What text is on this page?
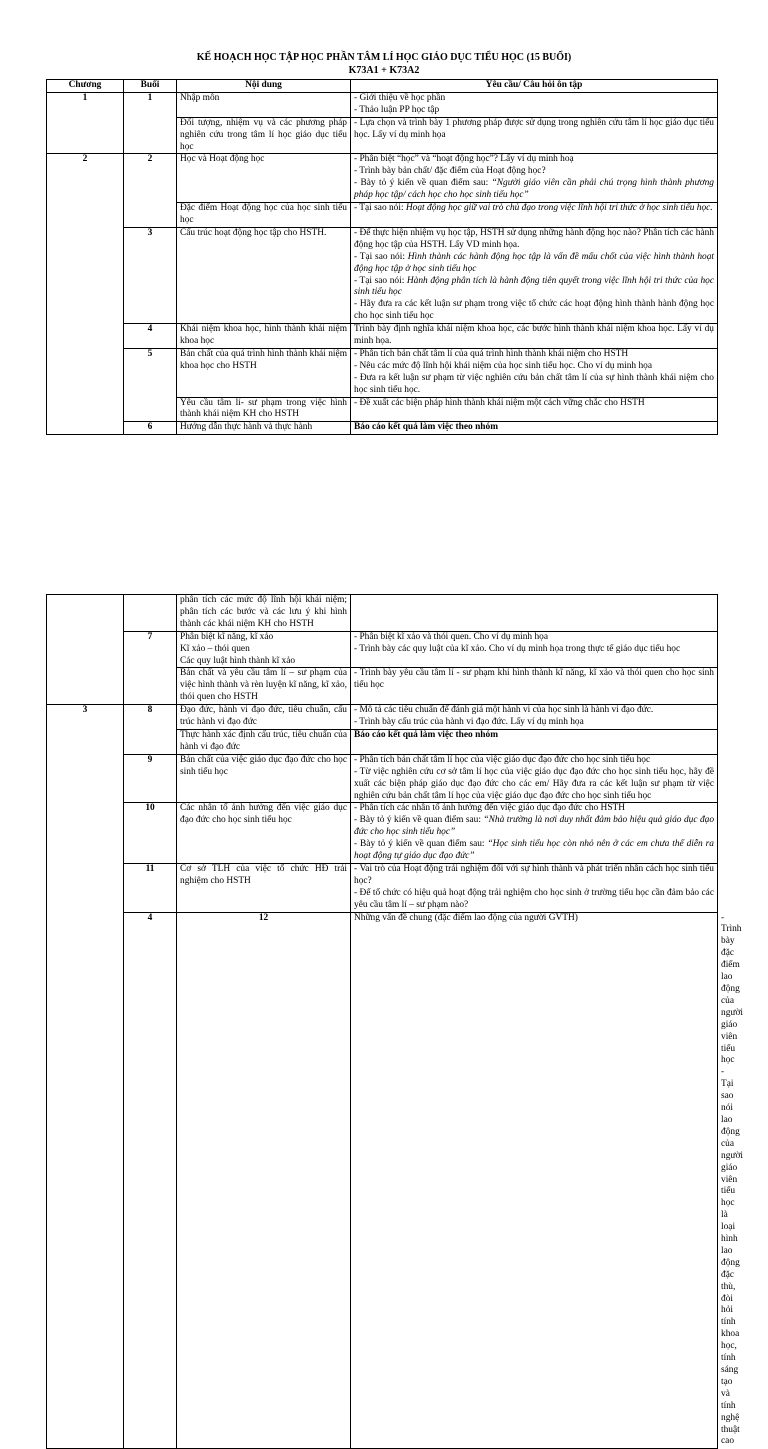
KẾ HOẠCH HỌC TẬP HỌC PHẦN TÂM LÍ HỌC GIÁO DỤC TIỂU HỌC (15 BUỔI)
K73A1 + K73A2
Chương	Buổi	Nội dung	Yêu cầu/ Câu hỏi ôn tập
1	1	Nhập môn	- Giới thiệu về học phần
- Thảo luận PP học tập

		Đối tượng, nhiệm vụ và các phương pháp nghiên cứu trong tâm lí học giáo dục tiểu học	- Lựa chọn và trình bày 1 phương pháp được sử dụng trong nghiên cứu tâm lí học giáo dục tiểu học. Lấy ví dụ minh họa
2	2	Học và Hoạt động học	- Phân biệt “học” và “hoạt động học”? Lấy ví dụ minh hoạ
- Trình bày bản chất/ đặc điểm của Hoạt động học?
- Bày tỏ ý kiến về quan điểm sau: “Người giáo viên cần phải chú trọng hình thành phương pháp học tập/ cách học cho học sinh tiểu học”

		Đặc điểm Hoạt động học của học sinh tiểu học	- Tại sao nói: Hoạt động học giữ vai trò chủ đạo trong việc lĩnh hội tri thức ở học sinh tiểu học.
	3	Cấu trúc hoạt động học tập cho HSTH.	- Để thực hiện nhiệm vụ học tập, HSTH sử dụng những hành động học nào? Phân tích các hành động học tập của HSTH. Lấy VD minh họa.
- Tại sao nói: Hình thành các hành động học tập là vấn đề mấu chốt của việc hình thành hoạt động học tập ở học sinh tiểu học
- Tại sao nói: Hành động phân tích là hành động tiên quyết trong việc lĩnh hội tri thức của học sinh tiểu học
- Hãy đưa ra các kết luận sư phạm trong việc tổ chức các hoạt động hình thành hành động học cho học sinh tiểu học

	4	Khái niệm khoa học, hình thành khái niệm khoa học	Trình bày định nghĩa khái niệm khoa học, các bước hình thành khái niệm khoa học. Lấy ví dụ minh họa.
	5	Bản chất của quá trình hình thành khái niệm khoa học cho HSTH	- Phân tích bản chất tâm lí của quá trình hình thành khái niệm cho HSTH
- Nêu các mức độ lĩnh hội khái niệm của học sinh tiểu học. Cho ví dụ minh họa
- Đưa ra kết luận sư phạm từ việc nghiên cứu bản chất tâm lí của sự hình thành khái niệm cho học sinh tiểu học.

		Yêu cầu tâm lí- sư phạm trong việc hình thành khái niệm KH cho HSTH	- Đề xuất các biện pháp hình thành khái niệm một cách vững chắc cho HSTH
	6	Hướng dẫn thực hành và thực hành	Báo cáo kết quả làm việc theo nhóm
		phân tích các mức độ lĩnh hội khái niệm; phân tích các bước và các lưu ý khi hình thành các khái niệm KH cho HSTH		
	7	Phân biệt kĩ năng, kĩ xảo
Kĩ xảo – thói quen
Các quy luật hình thành kĩ xảo	- Phân biệt kĩ xảo và thói quen. Cho ví dụ minh họa
- Trình bày các quy luật của kĩ xảo. Cho ví dụ minh họa trong thực tế giáo dục tiểu học	

		Bản chất và yêu cầu tâm lí – sư phạm của việc hình thành và rèn luyện kĩ năng, kĩ xảo, thói quen cho HSTH	- Trình bày yêu cầu tâm lí - sư phạm khi hình thành kĩ năng, kĩ xảo và thói quen cho học sinh tiểu học	
3	8	Đạo đức, hành vi đạo đức, tiêu chuẩn, cấu trúc hành vi đạo đức	- Mô tả các tiêu chuẩn để đánh giá một hành vi của học sinh là hành vi đạo đức.
- Trình bày cấu trúc của hành vi đạo đức. Lấy ví dụ minh họa	

		Thực hành xác định cấu trúc, tiêu chuẩn của hành vi đạo đức	Báo cáo kết quả làm việc theo nhóm	
	9	Bản chất của việc giáo dục đạo đức cho học sinh tiểu học	- Phân tích bản chất tâm lí học của việc giáo dục đạo đức cho học sinh tiểu học
- Từ việc nghiên cứu cơ sở tâm lí học của việc giáo dục đạo đức cho học sinh tiểu học, hãy đề xuất các biện pháp giáo dục đạo đức cho các em/ Hãy đưa ra các kết luận sư phạm từ việc nghiên cứu bản chất tâm lí học của việc giáo dục đạo đức cho học sinh tiểu học	

	10	Các nhân tố ảnh hưởng đến việc giáo dục đạo đức cho học sinh tiểu học	- Phân tích các nhân tố ảnh hưởng đến việc giáo dục đạo đức cho HSTH
- Bày tỏ ý kiến về quan điểm sau: “Nhà trường là nơi duy nhất đảm bảo hiệu quả giáo dục đạo đức cho học sinh tiểu học”
- Bày tỏ ý kiến về quan điểm sau: “Học sinh tiểu học còn nhỏ nên ở các em chưa thể diễn ra hoạt động tự giáo dục đạo đức”	

	11	Cơ sở TLH của việc tổ chức HĐ trải nghiệm cho HSTH	- Vai trò của Hoạt động trải nghiệm đối với sự hình thành và phát triển nhân cách học sinh tiểu học?
- Để tổ chức có hiệu quả hoạt động trải nghiệm cho học sinh ở trường tiểu học cần đảm bảo các yêu cầu tâm lí – sư phạm nào?	

	4	12	Những vấn đề chung (đặc điểm lao động của người GVTH)	- Trình bày đặc điểm lao động của người giáo viên tiểu học
- Tại sao nói lao động của người giáo viên tiểu học là loại hình lao động đặc thù, đòi hỏi tính khoa học, tính sáng tạo và tính nghệ thuật cao
